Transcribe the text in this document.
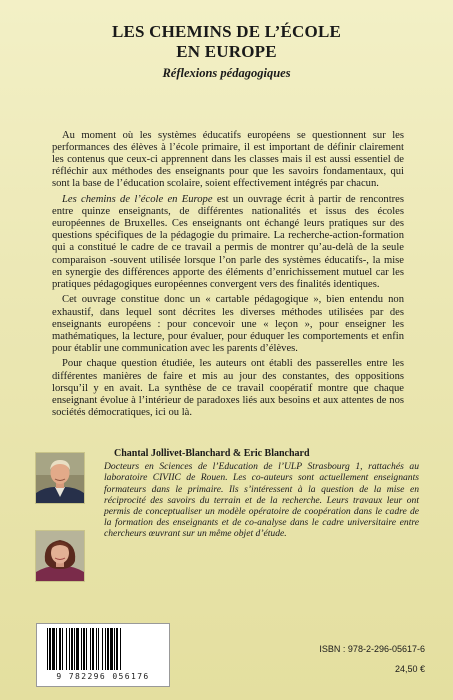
LES CHEMINS DE L’ÉCOLE
EN EUROPE
Réflexions pédagogiques

Au moment où les systèmes éducatifs européens se questionnent sur les performances des élèves à l’école primaire, il est important de définir clairement les contenus que ceux-ci apprennent dans les classes mais il est aussi essentiel de réfléchir aux méthodes des enseignants pour que les savoirs fondamentaux, qui sont la base de l’éducation scolaire, soient effectivement intégrés par chacun.

Les chemins de l’école en Europe est un ouvrage écrit à partir de rencontres entre quinze enseignants, de différentes nationalités et issus des écoles européennes de Bruxelles. Ces enseignants ont échangé leurs pratiques sur des questions spécifiques de la pédagogie du primaire. La recherche-action-formation qui a constitué le cadre de ce travail a permis de montrer qu’au-delà de la seule comparaison -souvent utilisée lorsque l’on parle des systèmes éducatifs-, la mise en synergie des différences apporte des éléments d’enrichissement mutuel car les pratiques pédagogiques européennes convergent vers des finalités identiques.

Cet ouvrage constitue donc un « cartable pédagogique », bien entendu non exhaustif, dans lequel sont décrites les diverses méthodes utilisées par des enseignants européens : pour concevoir une « leçon », pour enseigner les mathématiques, la lecture, pour évaluer, pour éduquer les comportements et enfin pour établir une communication avec les parents d’élèves.

Pour chaque question étudiée, les auteurs ont établi des passerelles entre les différentes manières de faire et mis au jour des constantes, des oppositions lorsqu’il y en avait. La synthèse de ce travail coopératif montre que chaque enseignant évolue à l’intérieur de paradoxes liés aux besoins et aux attentes de nos sociétés démocratiques, ici ou là.

Chantal Jollivet-Blanchard & Eric Blanchard
Docteurs en Sciences de l’Education de l’ULP Strasbourg 1, rattachés au laboratoire CIVIIC de Rouen. Les co-auteurs sont actuellement enseignants formateurs dans le primaire. Ils s’intéressent à la question de la mise en réciprocité des savoirs du terrain et de la recherche. Leurs travaux leur ont permis de conceptualiser un modèle opératoire de coopération dans le cadre de la formation des enseignants et de co-analyse dans le cadre universitaire entre chercheurs œuvrant sur un même objet d’étude.
9 782296 056176
ISBN : 978-2-296-05617-6
24,50 €
